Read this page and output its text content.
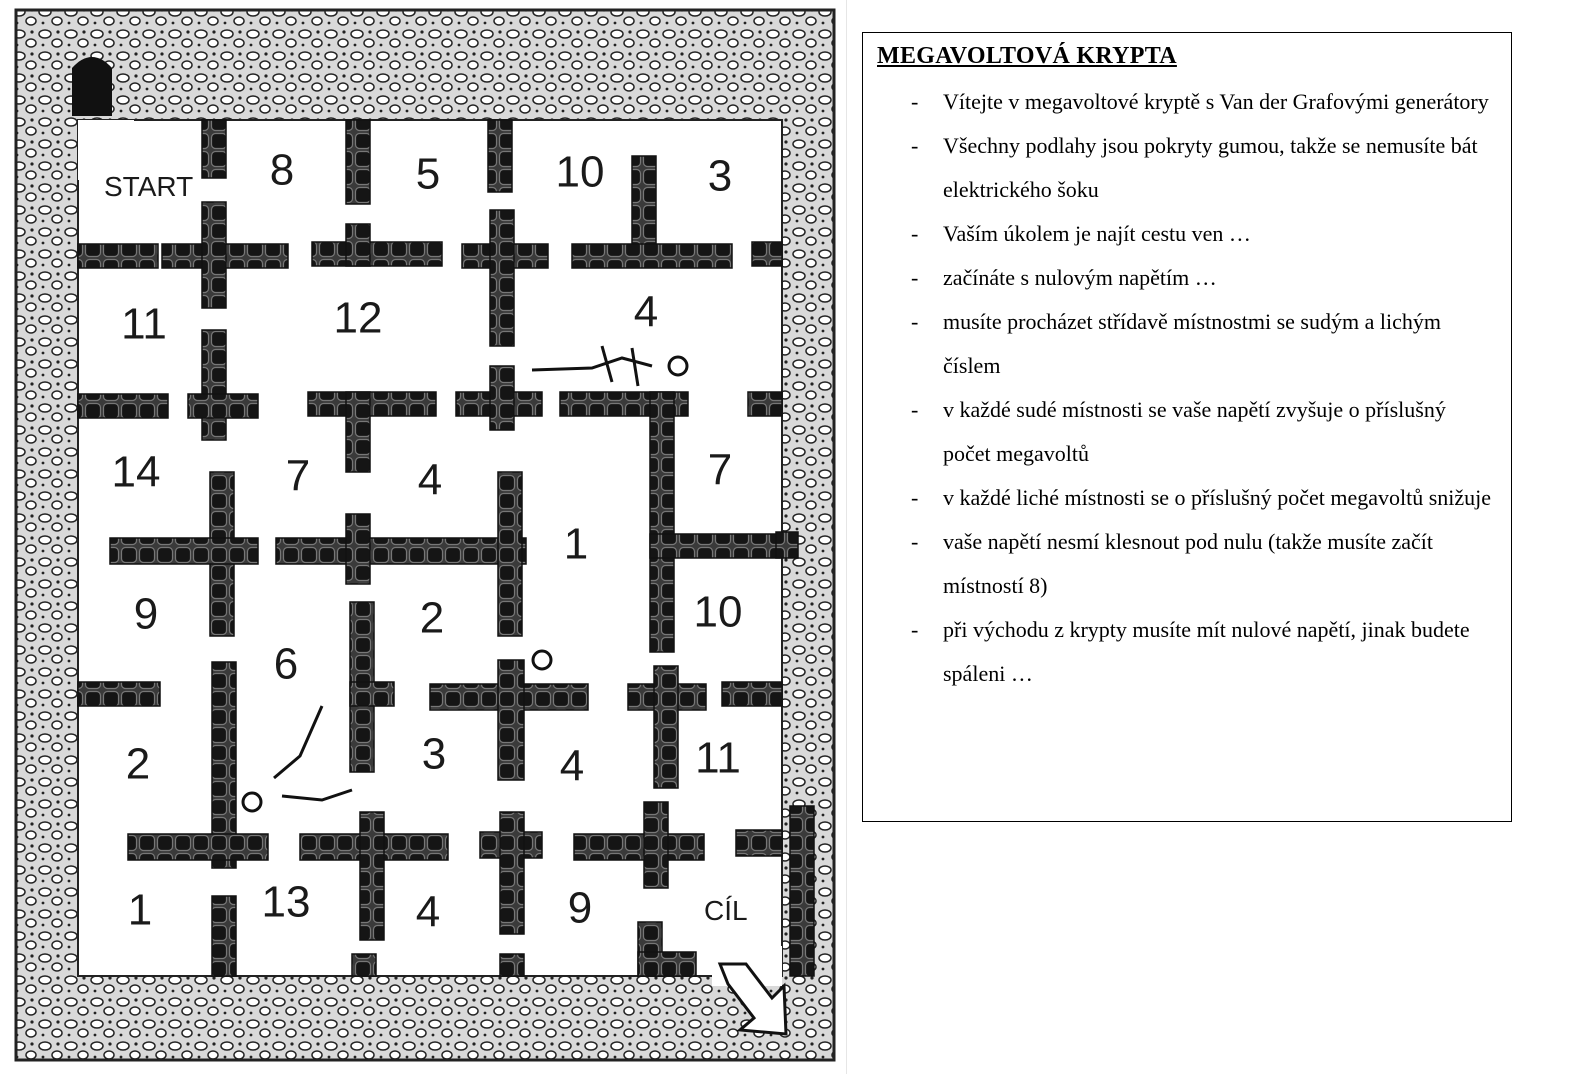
8	5	10 3
11	12	4
14	7 4	7
1
9	2	10
6
2	3	4	11
1 13 4	9
START
CÍL
MEGAVOLTOVÁ KRYPTA
- Vítejte v megavoltové kryptě s Van der Grafovými generátory
- Všechny podlahy jsou pokryty gumou, takže se nemusíte bát elektrického šoku
- Vaším úkolem je najít cestu ven …
- začínáte s nulovým napětím …
- musíte procházet střídavě místnostmi se sudým a lichým číslem
- v každé sudé místnosti se vaše napětí zvyšuje o příslušný počet megavoltů
- v každé liché místnosti se o příslušný počet megavoltů snižuje
- vaše napětí nesmí klesnout pod nulu (takže musíte začít místností 8)
- při východu z krypty musíte mít nulové napětí, jinak budete spáleni …
